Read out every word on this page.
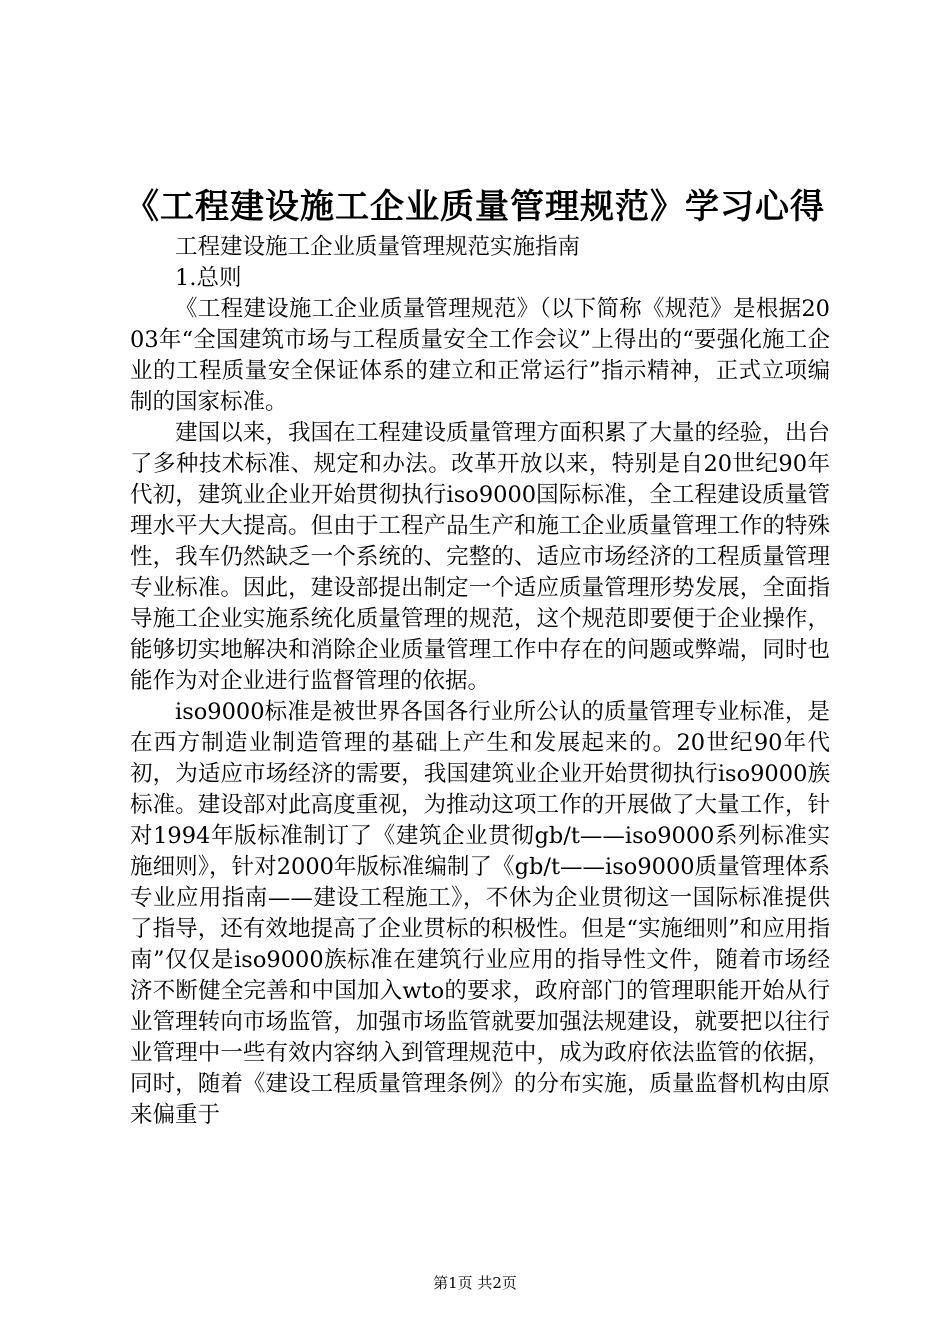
《工程建设施工企业质量管理规范》学习心得

工程建设施工企业质量管理规范实施指南

1.总则

《工程建设施工企业质量管理规范》（以下简称《规范》是根据2003年“全国建筑市场与工程质量安全工作会议”上得出的“要强化施工企业的工程质量安全保证体系的建立和正常运行”指示精神，正式立项编制的国家标准。

建国以来，我国在工程建设质量管理方面积累了大量的经验，出台了多种技术标准、规定和办法。改革开放以来，特别是自20世纪90年代初，建筑业企业开始贯彻执行iso9000国际标准，全工程建设质量管理水平大大提高。但由于工程产品生产和施工企业质量管理工作的特殊性，我车仍然缺乏一个系统的、完整的、适应市场经济的工程质量管理专业标准。因此，建设部提出制定一个适应质量管理形势发展，全面指导施工企业实施系统化质量管理的规范，这个规范即要便于企业操作，能够切实地解决和消除企业质量管理工作中存在的问题或弊端，同时也能作为对企业进行监督管理的依据。

iso9000标准是被世界各国各行业所公认的质量管理专业标准，是在西方制造业制造管理的基础上产生和发展起来的。20世纪90年代初，为适应市场经济的需要，我国建筑业企业开始贯彻执行iso9000族标准。建设部对此高度重视，为推动这项工作的开展做了大量工作，针对1994年版标准制订了《建筑企业贯彻gb/t——iso9000系列标准实施细则》，针对2000年版标准编制了《gb/t——iso9000质量管理体系专业应用指南——建设工程施工》，不休为企业贯彻这一国际标准提供了指导，还有效地提高了企业贯标的积极性。但是“实施细则”和应用指南”仅仅是iso9000族标准在建筑行业应用的指导性文件，随着市场经济不断健全完善和中国加入wto的要求，政府部门的管理职能开始从行业管理转向市场监管，加强市场监管就要加强法规建设，就要把以往行业管理中一些有效内容纳入到管理规范中，成为政府依法监管的依据，同时，随着《建设工程质量管理条例》的分布实施，质量监督机构由原来偏重于

第1页 共2页
